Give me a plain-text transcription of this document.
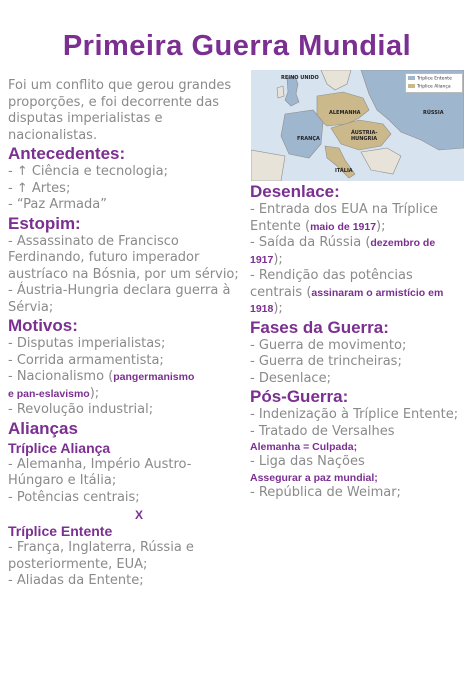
Primeira Guerra Mundial

Foi um conflito que gerou grandes proporções, e foi decorrente das disputas imperialistas e nacionalistas.

Antecedentes:

- ↑ Ciência e tecnologia;

- ↑ Artes;

- “Paz Armada”

Estopim:

- Assassinato de Francisco Ferdinando, futuro imperador austríaco na Bósnia, por um sérvio;

- Áustria-Hungria declara guerra à Sérvia;

Motivos:

- Disputas imperialistas;

- Corrida armamentista;

- Nacionalismo (pangermanismo

e pan-eslavismo);

- Revolução industrial;

Alianças

Tríplice Aliança

- Alemanha, Império Austro-Húngaro e Itália;

- Potências centrais;

X

Tríplice Entente

- França, Inglaterra, Rússia e posteriormente, EUA;

- Aliadas da Entente;

Tríplice Entente
Tríplice Aliança
REINO UNIDO
RÚSSIA
ALEMANHA
FRANÇA
ÁUSTRIA-
HUNGRIA
ITÁLIA

Desenlace:

- Entrada dos EUA na Tríplice Entente (maio de 1917);

- Saída da Rússia (dezembro de 1917);

- Rendição das potências centrais (assinaram o armistício em 1918);

Fases da Guerra:

- Guerra de movimento;

- Guerra de trincheiras;

- Desenlace;

Pós-Guerra:

- Indenização à Tríplice Entente;

- Tratado de Versalhes

Alemanha = Culpada;

- Liga das Nações

Assegurar a paz mundial;

- República de Weimar;
